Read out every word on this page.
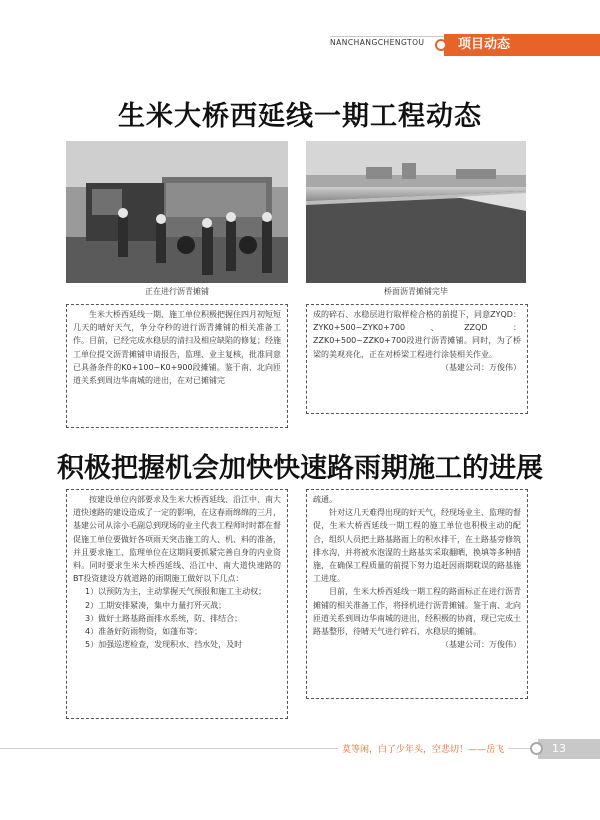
NANCHANGCHENGTOU	项目动态
生米大桥西延线一期工程动态
正在进行沥青摊铺	桥面沥青摊铺完毕

生米大桥西延线一期、施工单位积极把握住四月初短短几天的晴好天气，争分夺秒的进行沥青摊铺的相关准备工作。目前，已经完成水稳层的清扫及相应缺陷的修复；经施工单位提交沥青摊铺申请报告，监理、业主复核，批准同意已具备条件的K0+100~K0+900段摊铺。鉴于南、北向匝道关系到周边华南城的进出，在对已摊铺完

成的碎石、水稳层进行取样检合格的前提下，同意ZYQD：ZYK0+500~ZYK0+700、ZZQD：ZZK0+500~ZZK0+700段进行沥青摊铺。同时，为了桥梁的美观亮化，正在对桥梁工程进行涂装相关作业。

（基建公司：万俊伟）

积极把握机会加快快速路雨期施工的进展

按建设单位内部要求及生米大桥西延线、沿江中、南大道快速路的建设造成了一定的影响，在这春雨绵绵的三月，基建公司从涂小毛副总到现场的业主代表工程师时时都在督促施工单位要做好各项雨天突击施工的人、机、料的准备，并且要求施工、监理单位在这期间要抓紧完善自身的内业资料。同时要求生米大桥西延线、沿江中、南大道快速路的BT投资建设方就道路的雨期施工做好以下几点：

1）以预防为主，主动掌握天气预报和施工主动权；

2）工期安排紧凑，集中力量打歼灭战；

3）做好土路基路面排水系统，防、排结合；

4）准备好防雨物资，如蓬布等；

5）加强巡逻检查，发现积水、挡水处，及时

疏通。

针对这几天难得出现的好天气，经现场业主、监理的督促，生米大桥西延线一期工程的施工单位也积极主动的配合，组织人员把土路基路面上的积水排干，在土路基旁修筑排水沟，并将被水泡湿的土路基实采取翻晒，换填等多种措施，在确保工程质量的前提下努力追赶因雨期耽误的路基施工进度。

目前，生米大桥西延线一期工程的路面标正在进行沥青摊铺的相关准备工作，将择机进行沥青摊铺。鉴于南、北向匝道关系到周边华南城的进出，经积极的协商，现已完成土路基整形，待晴天气进行碎石、水稳层的摊铺。

（基建公司：万俊伟）

莫等闲，白了少年头，空悲切！——岳飞	13
